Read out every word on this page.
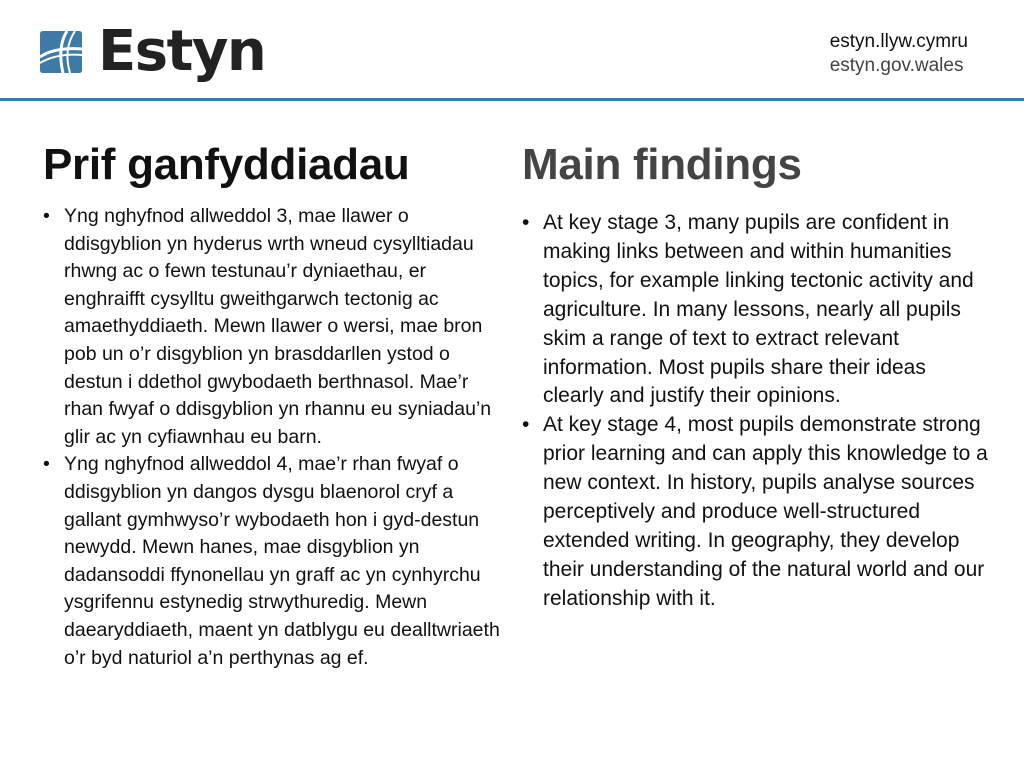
Estyn	estyn.llyw.cymru
estyn.gov.wales
Prif ganfyddiadau
• Yng nghyfnod allweddol 3, mae llawer o ddisgyblion yn hyderus wrth wneud cysylltiadau rhwng ac o fewn testunau’r dyniaethau, er enghraifft cysylltu gweithgarwch tectonig ac amaethyddiaeth. Mewn llawer o wersi, mae bron pob un o’r disgyblion yn brasddarllen ystod o destun i ddethol gwybodaeth berthnasol. Mae’r rhan fwyaf o ddisgyblion yn rhannu eu syniadau’n glir ac yn cyfiawnhau eu barn.
• Yng nghyfnod allweddol 4, mae’r rhan fwyaf o ddisgyblion yn dangos dysgu blaenorol cryf a gallant gymhwyso’r wybodaeth hon i gyd-destun newydd. Mewn hanes, mae disgyblion yn dadansoddi ffynonellau yn graff ac yn cynhyrchu ysgrifennu estynedig strwythuredig. Mewn daearyddiaeth, maent yn datblygu eu dealltwriaeth o’r byd naturiol a’n perthynas ag ef.
Main findings
• At key stage 3, many pupils are confident in making links between and within humanities topics, for example linking tectonic activity and agriculture. In many lessons, nearly all pupils skim a range of text to extract relevant information. Most pupils share their ideas clearly and justify their opinions.
• At key stage 4, most pupils demonstrate strong prior learning and can apply this knowledge to a new context. In history, pupils analyse sources perceptively and produce well-structured extended writing. In geography, they develop their understanding of the natural world and our relationship with it.
